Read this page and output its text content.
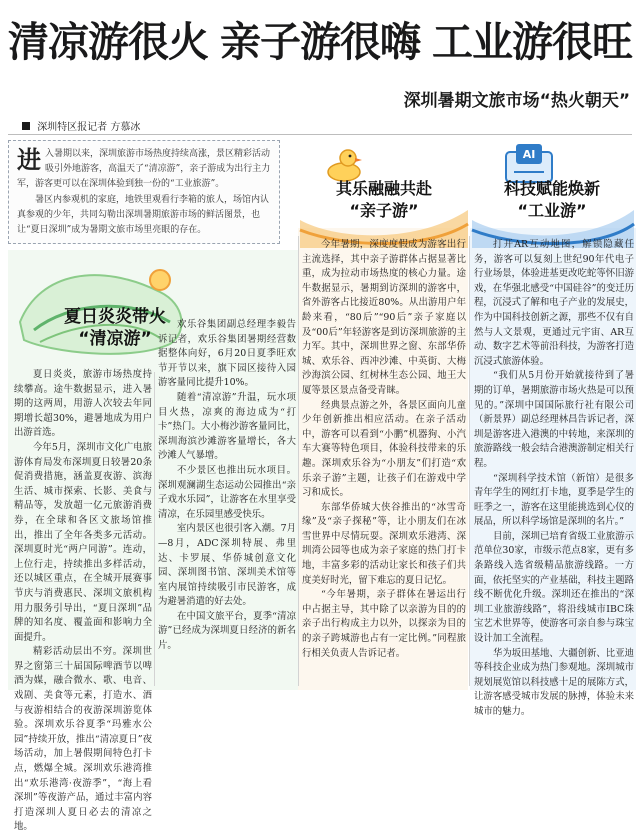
清凉游很火 亲子游很嗨 工业游很旺
深圳暑期文旅市场“热火朝天”
深圳特区报记者 方慕冰
进 入暑期以来，深圳旅游市场热度持续高涨，景区精彩活动吸引外地游客，高温天了“清凉游”，亲子游成为出行主力军，游客更可以在深圳体验到独一份的“工业旅游”。

暑区内参观机的家庭，地铁里观看行李箱的旅人，场馆内认真参观的少年，共同勾勒出深圳暑期旅游市场的鲜活图景，也让“夏日深圳”成为暑期文旅市场里亮眼的存在。

夏日炎炎带火
“清凉游”
其乐融融共赴
“亲子游”
AI
科技赋能焕新
“工业游”

夏日炎炎，旅游市场热度持续攀高。途牛数据显示，进入暑期的这两周，用游人次较去年同期增长超30%，避暑地成为用户出游首选。

今年5月，深圳市文化广电旅游体育局发布深圳夏日较暑20条促消费措施，涵盖夏夜游、滨海生活、城市探索、长影、美食与精品等，发放超一亿元旅游消费券，在全球和各区文旅场馆推出，推出了全年各类多元活动。深圳夏时光“两户同游”。连动，上位行走，持续推出多样活动，还以城区重点，在全城开展赛事节庆与消费惠民、深圳文旅机构用力服务引导出，“夏日深圳”品牌的知名度、覆盖面和影响力全面提升。

精彩活动层出不穷。深圳世界之窗第三十届国际啤酒节以啤酒为媒，融合微水、歌、电音、戏剧、美食等元素，打造水、酒与夜游相结合的夜游深圳游览体验。深圳欢乐谷夏季“玛雅水公园”持续开放，推出“清凉夏日”夜场活动，加上暑假期间特色打卡点，燃爆全城。深圳欢乐港湾推出“欢乐港湾·夜游季”，“海上看深圳”等夜游产品，通过丰富内容打造深圳人夏日必去的清凉之地。

欢乐谷集团副总经理李毅告诉记者，欢乐谷集团暑期经营数据整体向好，6月20日夏季旺欢节开节以来，旗下园区接待入园游客量同比提升10%。

随着“清凉游”升温，玩水项目火热，凉爽的海边成为“打卡”热门。大小梅沙游客量同比，深圳海滨沙滩游客量增长，各大沙滩人气暴增。

不少景区也推出玩水项目。深圳观澜湖生态运动公园推出“亲子戏水乐园”，让游客在水里享受清凉，在乐园里感受快乐。

室内景区也很引客入潮。7月—8月，ADC深圳特展、弗里达、卡罗展、华侨城创意文化园、深圳图书馆、深圳美术馆等室内展馆持续吸引市民游客，成为避暑消遣的好去处。

在中国文旅平台，夏季“清凉游”已经成为深圳夏日经济的新名片。

今年暑期，深度度假成为游客出行主流选择，其中亲子游群体占据显著比重，成为拉动市场热度的核心力量。途牛数据显示，暑期到访深圳的游客中，省外游客占比接近80%。从出游用户年龄来看，“80后”“90后”亲子家庭以及“00后”年轻游客是到访深圳旅游的主力军。其中，深圳世界之窗、东部华侨城、欢乐谷、西冲沙滩、中英街、大梅沙海滨公园、红树林生态公园、地王大厦等景区景点备受青睐。

经典景点游之外，各景区面向儿童少年创新推出相应活动。在亲子活动中，游客可以看到“小鹏”机器狗、小汽车大赛等特色项目，体验科技带来的乐趣。深圳欢乐谷为“小朋友”们打造“欢乐亲子游”主题，让孩子们在游戏中学习和成长。

东部华侨城大侠谷推出的“冰雪奇缘”及“亲子探秘”等，让小朋友们在冰雪世界中尽情玩耍。深圳欢乐港湾、深圳湾公园等也成为亲子家庭的热门打卡地，丰富多彩的活动让家长和孩子们共度美好时光，留下难忘的夏日记忆。

“今年暑期，亲子群体在暑运出行中占据主导，其中除了以亲游为目的的亲子出行构成主力以外，以探亲为目的的亲子跨城游也占有一定比例。”同程旅行相关负责人告诉记者。

打开AR互动地图，解锁隐藏任务，游客可以复刻上世纪90年代电子行业场景，体验进基更改吃蛇等怀旧游戏，在华强北感受“中国硅谷”的变迁历程，沉浸式了解和电子产业的发展史，作为中国科技创新之源，那些不仅有自然与人文景观，更通过元宇宙、AR互动、数字艺术等前沿科技，为游客打造沉浸式旅游体验。

“我们从5月份开始就接待到了暑期的订单，暑期旅游市场火热是可以预见的。”深圳中国国际旅行社有限公司（新景界）副总经理林昌告诉记者，深圳是游客进入港澳的中转地，来深圳的旅游路线一般会结合港澳游制定相关行程。

“深圳科学技术馆（新馆）是很多青年学生的网红打卡地，夏季是学生的旺季之一，游客在这里能挑选到心仪的展品，所以科学场馆是深圳的名片。”

目前，深圳已培育省级工业旅游示范单位30家，市级示范点8家，更有多条路线入选省级精品旅游线路。一方面，依托坚实的产业基础，科技主题路线不断优化升级。深圳还在推出的“深圳工业旅游线路”，将沿线城市IBC珠宝艺术世界等，使游客可亲自参与珠宝设计加工全流程。

华为坂田基地、大疆创新、比亚迪等科技企业成为热门参观地。深圳城市规划展览馆以科技感十足的展陈方式，让游客感受城市发展的脉搏，体验未来城市的魅力。
